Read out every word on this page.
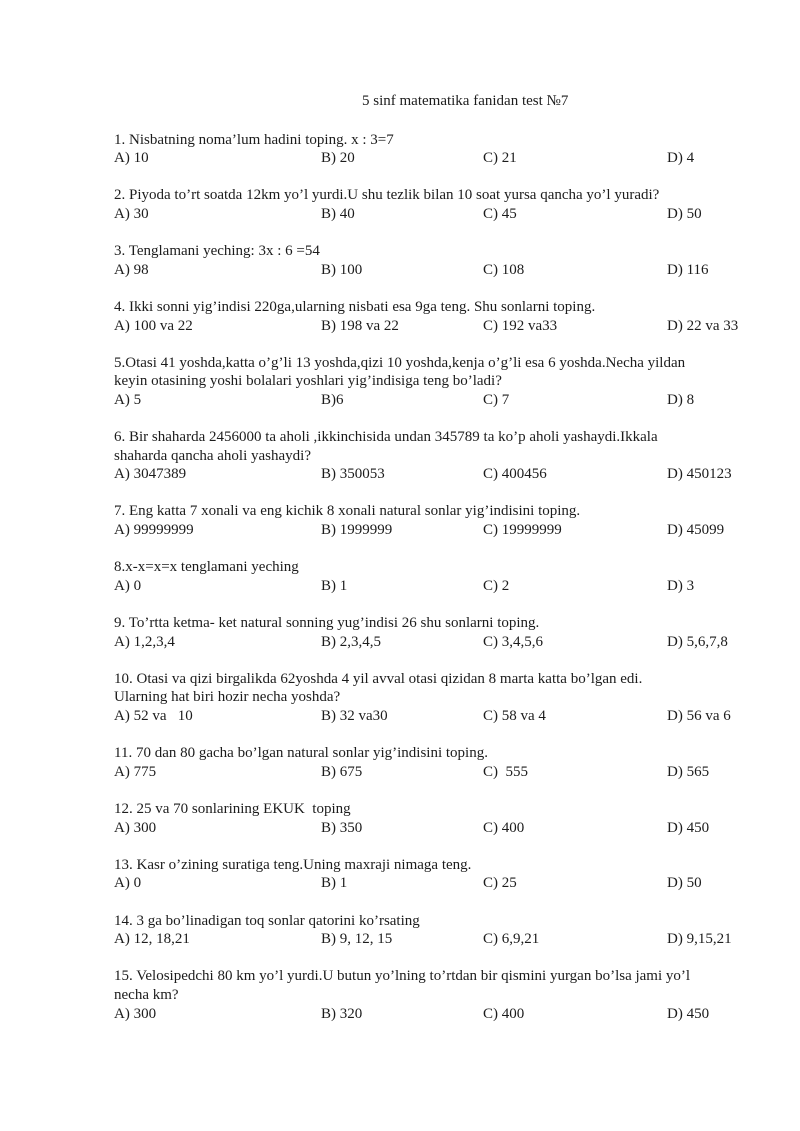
5 sinf matematika fanidan test №7
1. Nisbatning noma’lum hadini toping. x : 3=7
A) 10	B) 20	C) 21	D) 4
2. Piyoda to’rt soatda 12km yo’l yurdi.U shu tezlik bilan 10 soat yursa qancha yo’l yuradi?
A) 30	B) 40	C) 45	D) 50
3. Tenglamani yeching: 3x : 6 =54
A) 98	B) 100	C) 108	D) 116
4. Ikki sonni yig’indisi 220ga,ularning nisbati esa 9ga teng. Shu sonlarni toping.
A) 100 va 22	B) 198 va 22	C) 192 va33	D) 22 va 33
5.Otasi 41 yoshda,katta o’g’li 13 yoshda,qizi 10 yoshda,kenja o’g’li esa 6 yoshda.Necha yildan
keyin otasining yoshi bolalari yoshlari yig’indisiga teng bo’ladi?
A) 5	B)6	C) 7	D) 8
6. Bir shaharda 2456000 ta aholi ,ikkinchisida undan 345789 ta ko’p aholi yashaydi.Ikkala
shaharda qancha aholi yashaydi?
A) 3047389	B) 350053	C) 400456	D) 450123
7. Eng katta 7 xonali va eng kichik 8 xonali natural sonlar yig’indisini toping.
A) 99999999	B) 1999999	C) 19999999	D) 45099
8.x-x=x=x tenglamani yeching
A) 0	B) 1	C) 2	D) 3
9. To’rtta ketma- ket natural sonning yug’indisi 26 shu sonlarni toping.
A) 1,2,3,4	B) 2,3,4,5	C) 3,4,5,6	D) 5,6,7,8
10. Otasi va qizi birgalikda 62yoshda 4 yil avval otasi qizidan 8 marta katta bo’lgan edi.
Ularning hat biri hozir necha yoshda?
A) 52 va   10	B) 32 va30	C) 58 va 4	D) 56 va 6
11. 70 dan 80 gacha bo’lgan natural sonlar yig’indisini toping.
A) 775	B) 675	C)  555	D) 565
12. 25 va 70 sonlarining EKUK  toping
A) 300	B) 350	C) 400	D) 450
13. Kasr o’zining suratiga teng.Uning maxraji nimaga teng.
A) 0	B) 1	C) 25	D) 50
14. 3 ga bo’linadigan toq sonlar qatorini ko’rsating
A) 12, 18,21	B) 9, 12, 15	C) 6,9,21	D) 9,15,21
15. Velosipedchi 80 km yo’l yurdi.U butun yo’lning to’rtdan bir qismini yurgan bo’lsa jami yo’l
necha km?
A) 300	B) 320	C) 400	D) 450
